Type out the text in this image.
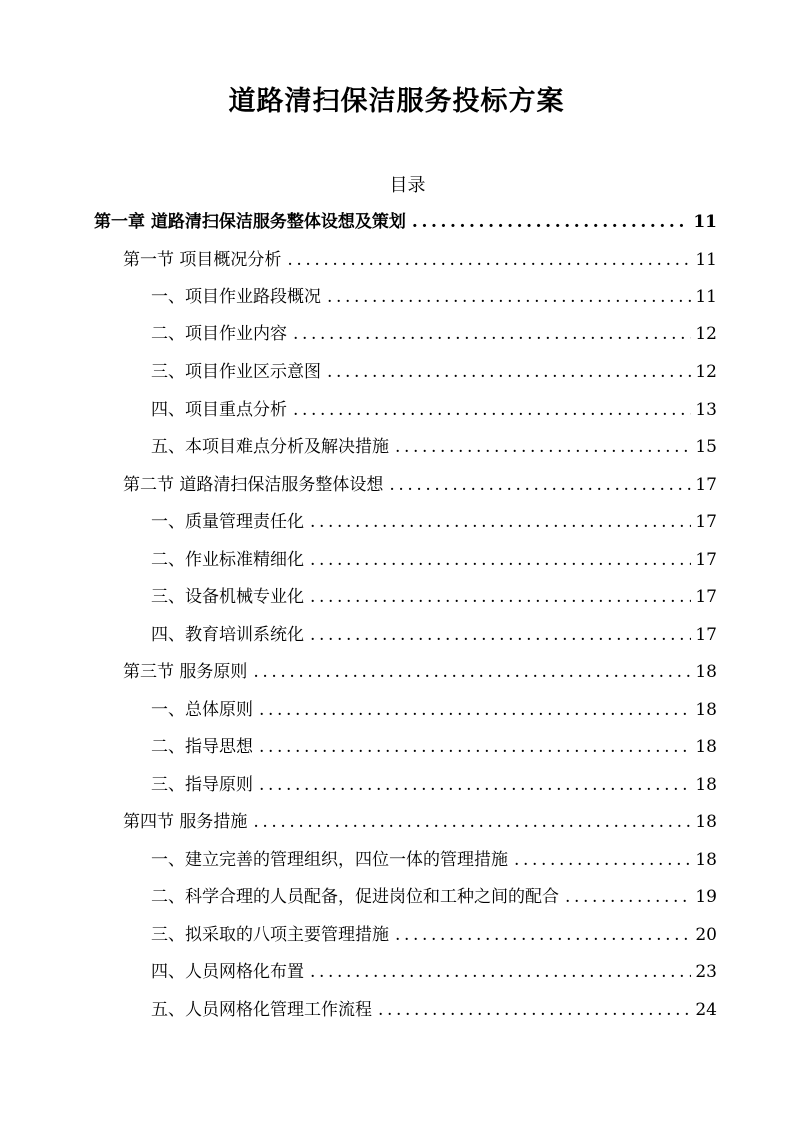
道路清扫保洁服务投标方案
目录
第一章 道路清扫保洁服务整体设想及策划 .....	11
第一节 项目概况分析 .....	11
一、项目作业路段概况 .....	11
二、项目作业内容 .....	12
三、项目作业区示意图 .....	12
四、项目重点分析 .....	13
五、本项目难点分析及解决措施 .....	15
第二节 道路清扫保洁服务整体设想 .....	17
一、质量管理责任化 .....	17
二、作业标准精细化 .....	17
三、设备机械专业化 .....	17
四、教育培训系统化 .....	17
第三节 服务原则 .....	18
一、总体原则 .....	18
二、指导思想 .....	18
三、指导原则 .....	18
第四节 服务措施 .....	18
一、建立完善的管理组织，四位一体的管理措施 .....	18
二、科学合理的人员配备，促进岗位和工种之间的配合 .....	19
三、拟采取的八项主要管理措施 .....	20
四、人员网格化布置 .....	23
五、人员网格化管理工作流程 .....	24
